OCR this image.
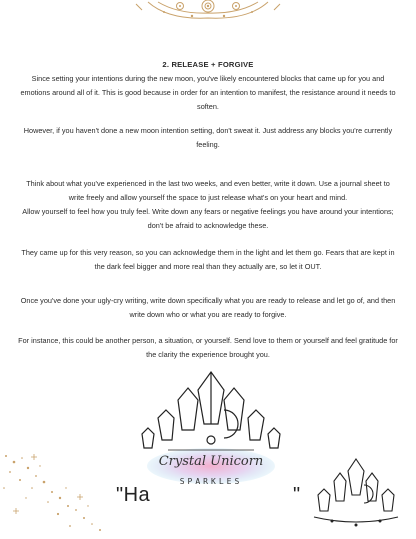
2. RELEASE + FORGIVE

Since setting your intentions during the new moon, you've likely encountered blocks that came up for you and emotions around all of it. This is good because in order for an intention to manifest, the resistance around it needs to soften.

However, if you haven't done a new moon intention setting, don't sweat it. Just address any blocks you're currently feeling.

Think about what you've experienced in the last two weeks, and even better, write it down. Use a journal sheet to write freely and allow yourself the space to just release what's on your heart and mind.

Allow yourself to feel how you truly feel. Write down any fears or negative feelings you have around your intentions; don't be afraid to acknowledge these.

They came up for this very reason, so you can acknowledge them in the light and let them go. Fears that are kept in the dark feel bigger and more real than they actually are, so let it OUT.

Once you've done your ugly-cry writing, write down specifically what you are ready to release and let go of, and then write down who or what you are ready to forgive.

For instance, this could be another person, a situation, or yourself. Send love to them or yourself and feel gratitude for the clarity the experience brought you.

Crystal Unicorn
SPARKLES
"Ha	"
